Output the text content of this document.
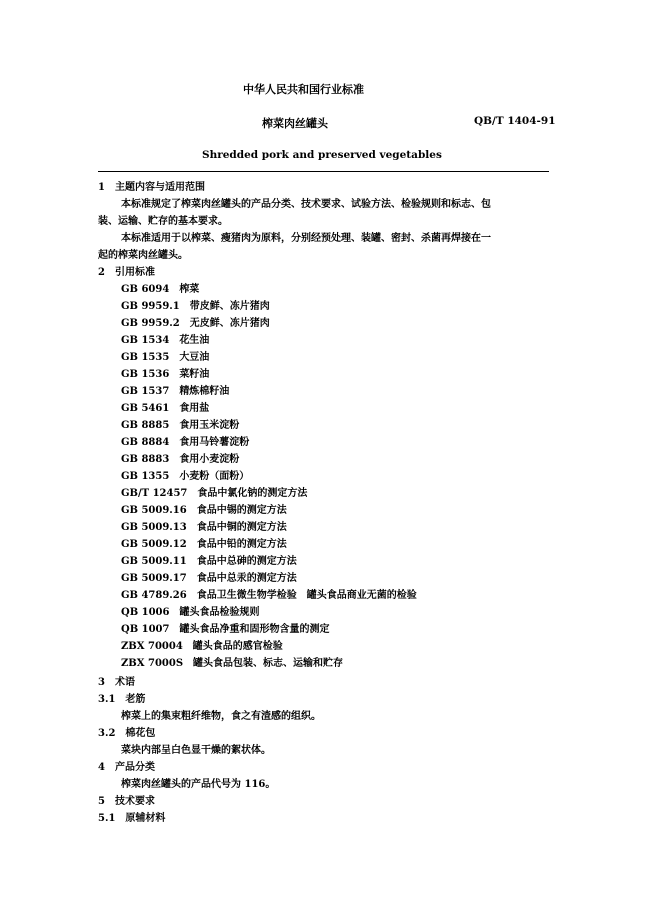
中华人民共和国行业标准
榨菜肉丝罐头	QB/T 1404-91
Shredded pork and preserved vegetables
1　主题内容与适用范围
本标准规定了榨菜肉丝罐头的产品分类、技术要求、试验方法、检验规则和标志、包
装、运输、贮存的基本要求。
本标准适用于以榨菜、瘦猪肉为原料，分别经预处理、装罐、密封、杀菌再焊接在一
起的榨菜肉丝罐头。
2　引用标准
GB 6094　 榨菜
GB 9959.1　 带皮鲜、冻片猪肉
GB 9959.2　 无皮鲜、冻片猪肉
GB 1534　 花生油
GB 1535　 大豆油
GB 1536　 菜籽油
GB 1537　 精炼棉籽油
GB 5461　 食用盐
GB 8885　 食用玉米淀粉
GB 8884　 食用马铃薯淀粉
GB 8883　 食用小麦淀粉
GB 1355　 小麦粉（面粉）
GB/T 12457　 食品中氯化钠的测定方法
GB 5009.16　 食品中锡的测定方法
GB 5009.13　 食品中铜的测定方法
GB 5009.12　 食品中铅的测定方法
GB 5009.11　 食品中总砷的测定方法
GB 5009.17　 食品中总汞的测定方法
GB 4789.26　 食品卫生微生物学检验　罐头食品商业无菌的检验
QB 1006　 罐头食品检验规则
QB 1007　 罐头食品净重和固形物含量的测定
ZBX 70004　 罐头食品的感官检验
ZBX 7000S　 罐头食品包装、标志、运输和贮存
3　术语
3.1　老筋
榨菜上的集束粗纤维物，食之有渣感的组织。
3.2　棉花包
菜块内部呈白色显干燥的絮状体。
4　产品分类
榨菜肉丝罐头的产品代号为 116。
5　技术要求
5.1　原辅材料
